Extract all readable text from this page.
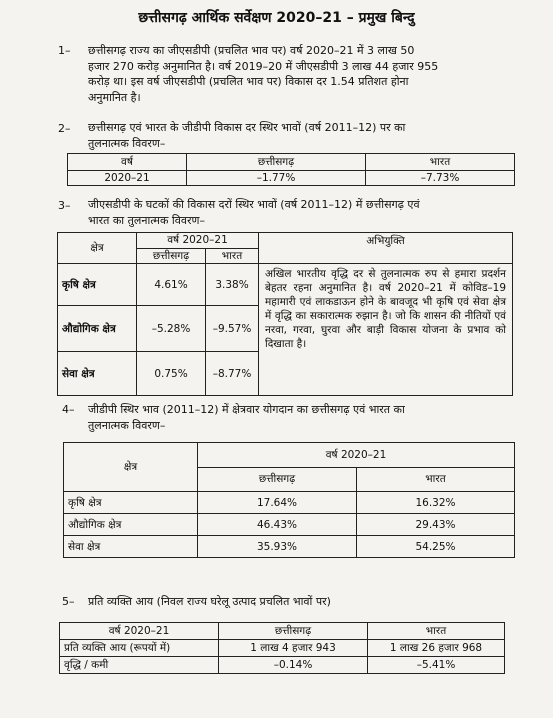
छत्तीसगढ़ आर्थिक सर्वेक्षण 2020–21 – प्रमुख बिन्दु
1– छत्तीसगढ़ राज्य का जीएसडीपी (प्रचलित भाव पर) वर्ष 2020–21 में 3 लाख 50
हजार 270 करोड़ अनुमानित है। वर्ष 2019–20 में जीएसडीपी 3 लाख 44 हजार 955
करोड़ था। इस वर्ष जीएसडीपी (प्रचलित भाव पर) विकास दर 1.54 प्रतिशत होना
अनुमानित है।
2– छत्तीसगढ़ एवं भारत के जीडीपी विकास दर स्थिर भावों (वर्ष 2011–12) पर का
तुलनात्मक विवरण–
वर्ष	छत्तीसगढ़	भारत
2020–21	–1.77%	–7.73%
3– जीएसडीपी के घटकों की विकास दरों स्थिर भावों (वर्ष 2011–12) में छत्तीसगढ़ एवं
भारत का तुलनात्मक विवरण–
क्षेत्र	वर्ष 2020–21		अभियुक्ति
	छत्तीसगढ़	भारत	
कृषि क्षेत्र	4.61%	3.38%	अखिल भारतीय वृद्धि दर से तुलनात्मक रुप से हमारा प्रदर्शन बेहतर रहना अनुमानित है। वर्ष 2020–21 में कोविड–19 महामारी एवं लाकडाऊन होने के बावजूद भी कृषि एवं सेवा क्षेत्र में वृद्धि का सकारात्मक रुझान है। जो कि शासन की नीतियों एवं नरवा, गरवा, घुरवा और बाड़ी विकास योजना के प्रभाव को दिखाता है।
औद्योगिक क्षेत्र	–5.28%	–9.57%	
सेवा क्षेत्र	0.75%	–8.77%	
4– जीडीपी स्थिर भाव (2011–12) में क्षेत्रवार योगदान का छत्तीसगढ़ एवं भारत का
तुलनात्मक विवरण–
क्षेत्र	वर्ष 2020–21	
	छत्तीसगढ़	भारत
कृषि क्षेत्र	17.64%	16.32%
औद्योगिक क्षेत्र	46.43%	29.43%
सेवा क्षेत्र	35.93%	54.25%
5– प्रति व्यक्ति आय (निवल राज्य घरेलू उत्पाद प्रचलित भावों पर)
वर्ष 2020–21	छत्तीसगढ़	भारत
प्रति व्यक्ति आय (रूपयों में)	1 लाख 4 हजार 943	1 लाख 26 हजार 968
वृद्धि / कमी	–0.14%	–5.41%
